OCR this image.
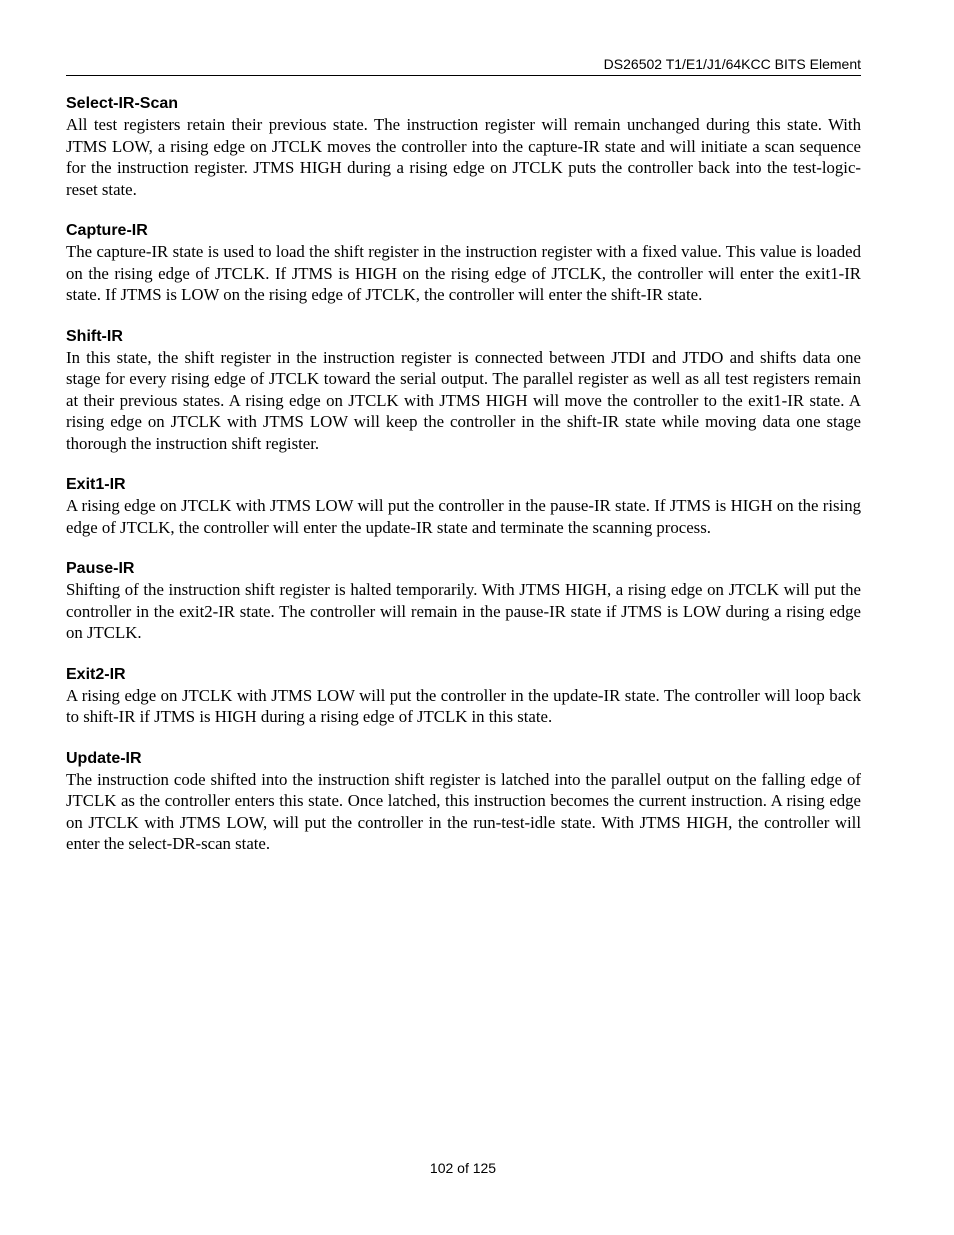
DS26502 T1/E1/J1/64KCC BITS Element
Select-IR-Scan

All test registers retain their previous state. The instruction register will remain unchanged during this state. With JTMS LOW, a rising edge on JTCLK moves the controller into the capture-IR state and will initiate a scan sequence for the instruction register. JTMS HIGH during a rising edge on JTCLK puts the controller back into the test-logic-reset state.

Capture-IR

The capture-IR state is used to load the shift register in the instruction register with a fixed value. This value is loaded on the rising edge of JTCLK. If JTMS is HIGH on the rising edge of JTCLK, the controller will enter the exit1-IR state. If JTMS is LOW on the rising edge of JTCLK, the controller will enter the shift-IR state.

Shift-IR

In this state, the shift register in the instruction register is connected between JTDI and JTDO and shifts data one stage for every rising edge of JTCLK toward the serial output. The parallel register as well as all test registers remain at their previous states. A rising edge on JTCLK with JTMS HIGH will move the controller to the exit1-IR state. A rising edge on JTCLK with JTMS LOW will keep the controller in the shift-IR state while moving data one stage thorough the instruction shift register.

Exit1-IR

A rising edge on JTCLK with JTMS LOW will put the controller in the pause-IR state. If JTMS is HIGH on the rising edge of JTCLK, the controller will enter the update-IR state and terminate the scanning process.

Pause-IR

Shifting of the instruction shift register is halted temporarily. With JTMS HIGH, a rising edge on JTCLK will put the controller in the exit2-IR state. The controller will remain in the pause-IR state if JTMS is LOW during a rising edge on JTCLK.

Exit2-IR

A rising edge on JTCLK with JTMS LOW will put the controller in the update-IR state. The controller will loop back to shift-IR if JTMS is HIGH during a rising edge of JTCLK in this state.

Update-IR

The instruction code shifted into the instruction shift register is latched into the parallel output on the falling edge of JTCLK as the controller enters this state. Once latched, this instruction becomes the current instruction. A rising edge on JTCLK with JTMS LOW, will put the controller in the run-test-idle state. With JTMS HIGH, the controller will enter the select-DR-scan state.

102 of 125
